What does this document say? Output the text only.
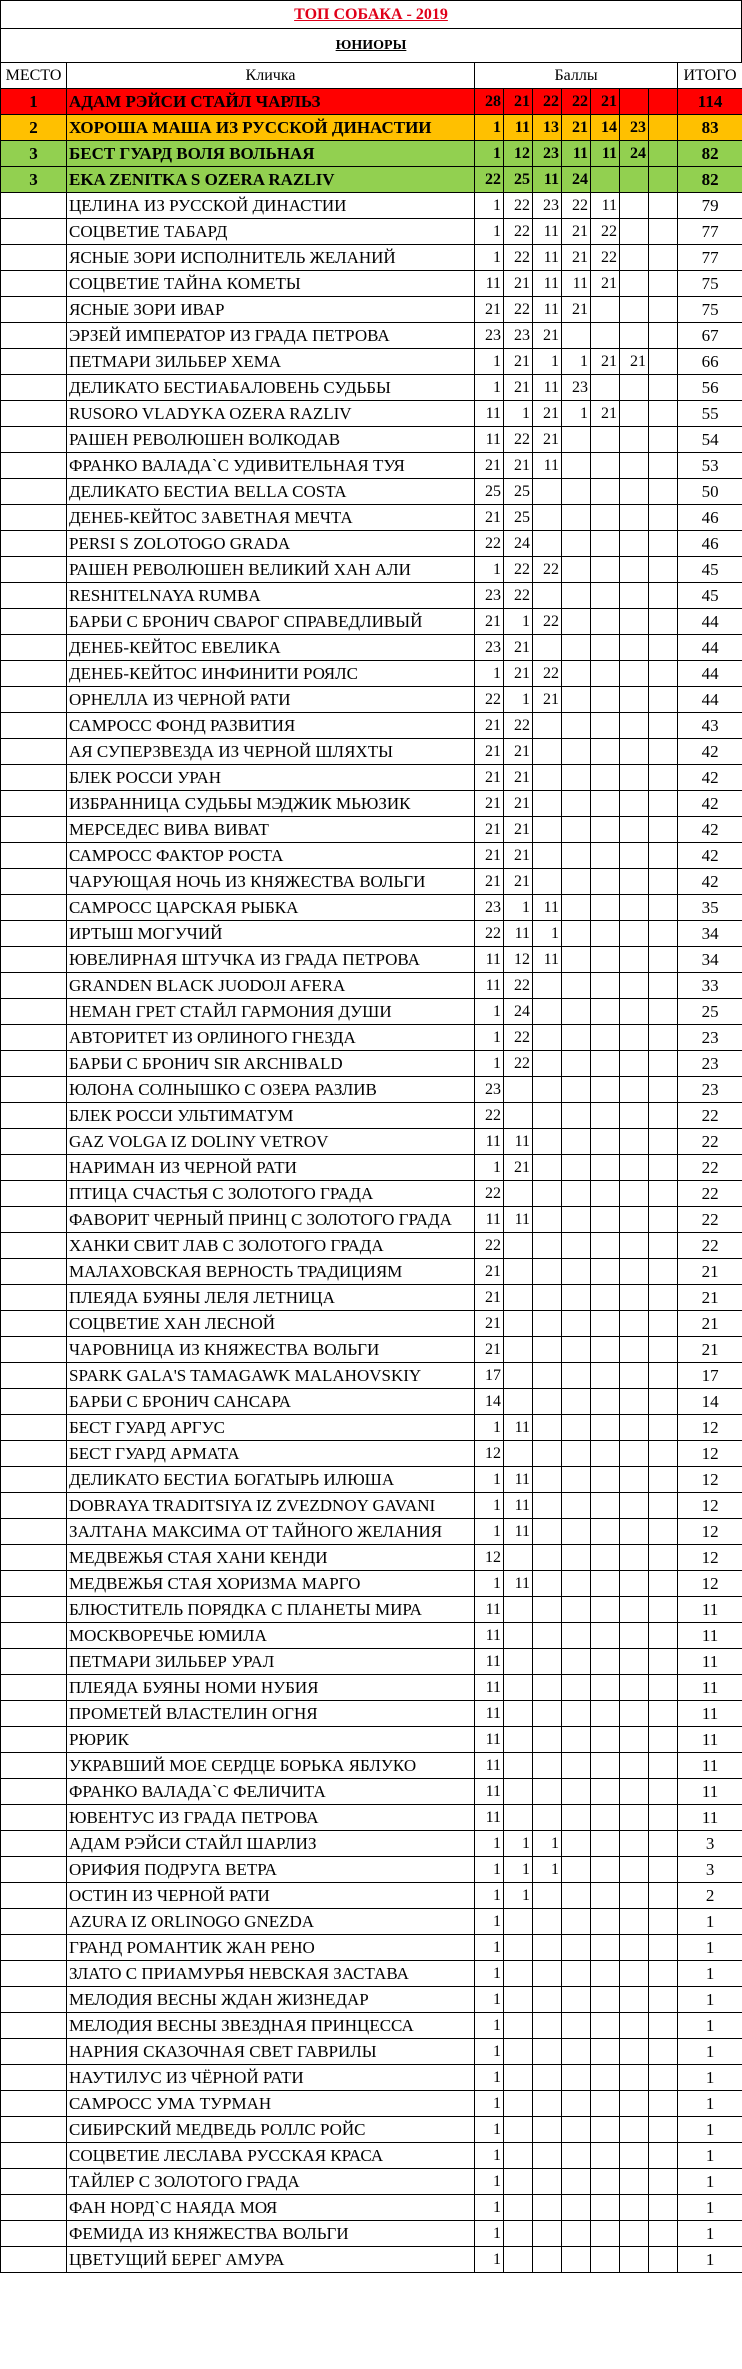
ТОП СОБАКА - 2019
ЮНИОРЫ
МЕСТО	Кличка	Баллы							ИТОГО
1	АДАМ РЭЙСИ СТАЙЛ ЧАРЛЬЗ	28	21	22	22	21			114
2	ХОРОША МАША ИЗ РУССКОЙ ДИНАСТИИ	1	11	13	21	14	23		83
3	БЕСТ ГУАРД ВОЛЯ ВОЛЬНАЯ	1	12	23	11	11	24		82
3	EKA ZENITKA S OZERA RAZLIV	22	25	11	24				82
	ЦЕЛИНА ИЗ РУССКОЙ ДИНАСТИИ	1	22	23	22	11			79
	СОЦВЕТИЕ ТАБАРД	1	22	11	21	22			77
	ЯСНЫЕ ЗОРИ ИСПОЛНИТЕЛЬ ЖЕЛАНИЙ	1	22	11	21	22			77
	СОЦВЕТИЕ ТАЙНА КОМЕТЫ	11	21	11	11	21			75
	ЯСНЫЕ ЗОРИ ИВАР	21	22	11	21				75
	ЭРЗЕЙ ИМПЕРАТОР ИЗ ГРАДА ПЕТРОВА	23	23	21					67
	ПЕТМАРИ ЗИЛЬБЕР ХЕМА	1	21	1	1	21	21		66
	ДЕЛИКАТО БЕСТИАБАЛОВЕНЬ СУДЬБЫ	1	21	11	23				56
	RUSORO VLADYKA OZERA RAZLIV	11	1	21	1	21			55
	РАШЕН РЕВОЛЮШЕН ВОЛКОДАВ	11	22	21					54
	ФРАНКО ВАЛАДА`С УДИВИТЕЛЬНАЯ ТУЯ	21	21	11					53
	ДЕЛИКАТО БЕСТИА BELLA COSTA	25	25						50
	ДЕНЕБ-КЕЙТОС ЗАВЕТНАЯ МЕЧТА	21	25						46
	PERSI S ZOLOTOGO GRADA	22	24						46
	РАШЕН РЕВОЛЮШЕН ВЕЛИКИЙ ХАН АЛИ	1	22	22					45
	RESHITELNAYA RUMBA	23	22						45
	БАРБИ С БРОНИЧ СВАРОГ СПРАВЕДЛИВЫЙ	21	1	22					44
	ДЕНЕБ-КЕЙТОС ЕВЕЛИКА	23	21						44
	ДЕНЕБ-КЕЙТОС ИНФИНИТИ РОЯЛС	1	21	22					44
	ОРНЕЛЛА ИЗ ЧЕРНОЙ РАТИ	22	1	21					44
	САМРОСС ФОНД РАЗВИТИЯ	21	22						43
	АЯ СУПЕРЗВЕЗДА ИЗ ЧЕРНОЙ ШЛЯХТЫ	21	21						42
	БЛЕК РОССИ УРАН	21	21						42
	ИЗБРАННИЦА СУДЬБЫ МЭДЖИК МЬЮЗИК	21	21						42
	МЕРСЕДЕС ВИВА ВИВАТ	21	21						42
	САМРОСС ФАКТОР РОСТА	21	21						42
	ЧАРУЮЩАЯ НОЧЬ ИЗ КНЯЖЕСТВА ВОЛЬГИ	21	21						42
	САМРОСС ЦАРСКАЯ РЫБКА	23	1	11					35
	ИРТЫШ МОГУЧИЙ	22	11	1					34
	ЮВЕЛИРНАЯ ШТУЧКА ИЗ ГРАДА ПЕТРОВА	11	12	11					34
	GRANDEN BLACK JUODOJI AFERA	11	22						33
	НЕМАН ГРЕТ СТАЙЛ ГАРМОНИЯ ДУШИ	1	24						25
	АВТОРИТЕТ ИЗ ОРЛИНОГО ГНЕЗДА	1	22						23
	БАРБИ С БРОНИЧ SIR ARCHIBALD	1	22						23
	ЮЛОНА СОЛНЫШКО С ОЗЕРА РАЗЛИВ	23							23
	БЛЕК РОССИ УЛЬТИМАТУМ	22							22
	GAZ VOLGA IZ DOLINY VETROV	11	11						22
	НАРИМАН ИЗ ЧЕРНОЙ РАТИ	1	21						22
	ПТИЦА СЧАСТЬЯ С ЗОЛОТОГО ГРАДА	22							22
	ФАВОРИТ ЧЕРНЫЙ ПРИНЦ С ЗОЛОТОГО ГРАДА	11	11						22
	ХАНКИ СВИТ ЛАВ С ЗОЛОТОГО ГРАДА	22							22
	МАЛАХОВСКАЯ ВЕРНОСТЬ ТРАДИЦИЯМ	21							21
	ПЛЕЯДА БУЯНЫ ЛЕЛЯ ЛЕТНИЦА	21							21
	СОЦВЕТИЕ ХАН ЛЕСНОЙ	21							21
	ЧАРОВНИЦА ИЗ КНЯЖЕСТВА ВОЛЬГИ	21							21
	SPARK GALA'S TAMAGAWK MALAHOVSKIY	17							17
	БАРБИ С БРОНИЧ САНСАРА	14							14
	БЕСТ ГУАРД АРГУС	1	11						12
	БЕСТ ГУАРД АРМАТА	12							12
	ДЕЛИКАТО БЕСТИА БОГАТЫРЬ ИЛЮША	1	11						12
	DOBRAYA TRADITSIYA IZ ZVEZDNOY GAVANI	1	11						12
	ЗАЛТАНА МАКСИМА ОТ ТАЙНОГО ЖЕЛАНИЯ	1	11						12
	МЕДВЕЖЬЯ СТАЯ ХАНИ КЕНДИ	12							12
	МЕДВЕЖЬЯ СТАЯ ХОРИЗМА МАРГО	1	11						12
	БЛЮСТИТЕЛЬ ПОРЯДКА С ПЛАНЕТЫ МИРА	11							11
	МОСКВОРЕЧЬЕ ЮМИЛА	11							11
	ПЕТМАРИ ЗИЛЬБЕР УРАЛ	11							11
	ПЛЕЯДА БУЯНЫ НОМИ НУБИЯ	11							11
	ПРОМЕТЕЙ ВЛАСТЕЛИН ОГНЯ	11							11
	РЮРИК	11							11
	УКРАВШИЙ МОЕ СЕРДЦЕ БОРЬКА ЯБЛУКО	11							11
	ФРАНКО ВАЛАДА`С ФЕЛИЧИТА	11							11
	ЮВЕНТУС ИЗ ГРАДА ПЕТРОВА	11							11
	АДАМ РЭЙСИ СТАЙЛ ШАРЛИЗ	1	1	1					3
	ОРИФИЯ ПОДРУГА ВЕТРА	1	1	1					3
	ОСТИН ИЗ ЧЕРНОЙ РАТИ	1	1						2
	AZURA IZ ORLINOGO GNEZDA	1							1
	ГРАНД РОМАНТИК ЖАН РЕНО	1							1
	ЗЛАТО С ПРИАМУРЬЯ НЕВСКАЯ ЗАСТАВА	1							1
	МЕЛОДИЯ ВЕСНЫ ЖДАН ЖИЗНЕДАР	1							1
	МЕЛОДИЯ ВЕСНЫ ЗВЕЗДНАЯ ПРИНЦЕССА	1							1
	НАРНИЯ СКАЗОЧНАЯ СВЕТ ГАВРИЛЫ	1							1
	НАУТИЛУС ИЗ ЧЁРНОЙ РАТИ	1							1
	САМРОСС УМА ТУРМАН	1							1
	СИБИРСКИЙ МЕДВЕДЬ РОЛЛС РОЙС	1							1
	СОЦВЕТИЕ ЛЕСЛАВА РУССКАЯ КРАСА	1							1
	ТАЙЛЕР С ЗОЛОТОГО ГРАДА	1							1
	ФАН НОРД`С НАЯДА МОЯ	1							1
	ФЕМИДА ИЗ КНЯЖЕСТВА ВОЛЬГИ	1							1
	ЦВЕТУЩИЙ БЕРЕГ АМУРА	1							1
